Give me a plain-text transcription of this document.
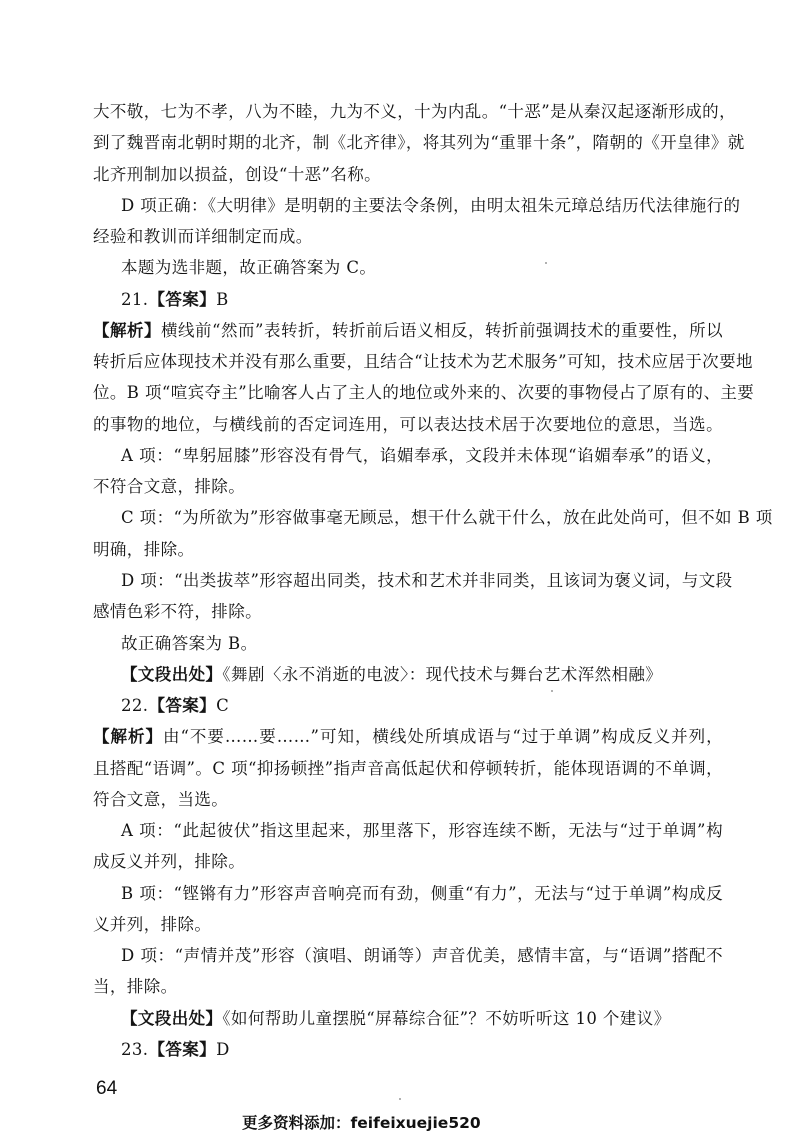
大不敬，七为不孝，八为不睦，九为不义，十为内乱。“十恶”是从秦汉起逐渐形成的，
到了魏晋南北朝时期的北齐，制《北齐律》，将其列为“重罪十条”，隋朝的《开皇律》就
北齐刑制加以损益，创设“十恶”名称。
D 项正确：《大明律》是明朝的主要法令条例，由明太祖朱元璋总结历代法律施行的
经验和教训而详细制定而成。
本题为选非题，故正确答案为 C。
21.【答案】B
【解析】横线前“然而”表转折，转折前后语义相反，转折前强调技术的重要性，所以
转折后应体现技术并没有那么重要，且结合“让技术为艺术服务”可知，技术应居于次要地
位。B 项“喧宾夺主”比喻客人占了主人的地位或外来的、次要的事物侵占了原有的、主要
的事物的地位，与横线前的否定词连用，可以表达技术居于次要地位的意思，当选。
A 项：“卑躬屈膝”形容没有骨气，谄媚奉承，文段并未体现“谄媚奉承”的语义，
不符合文意，排除。
C 项：“为所欲为”形容做事毫无顾忌，想干什么就干什么，放在此处尚可，但不如 B 项
明确，排除。
D 项：“出类拔萃”形容超出同类，技术和艺术并非同类，且该词为褒义词，与文段
感情色彩不符，排除。
故正确答案为 B。
【文段出处】《舞剧〈永不消逝的电波〉：现代技术与舞台艺术浑然相融》
22.【答案】C
【解析】由“不要……要……”可知，横线处所填成语与“过于单调”构成反义并列，
且搭配“语调”。C 项“抑扬顿挫”指声音高低起伏和停顿转折，能体现语调的不单调，
符合文意，当选。
A 项：“此起彼伏”指这里起来，那里落下，形容连续不断，无法与“过于单调”构
成反义并列，排除。
B 项：“铿锵有力”形容声音响亮而有劲，侧重“有力”，无法与“过于单调”构成反
义并列，排除。
D 项：“声情并茂”形容（演唱、朗诵等）声音优美，感情丰富，与“语调”搭配不
当，排除。
【文段出处】《如何帮助儿童摆脱“屏幕综合征”？不妨听听这 10 个建议》
23.【答案】D
64
更多资料添加：feifeixuejie520
